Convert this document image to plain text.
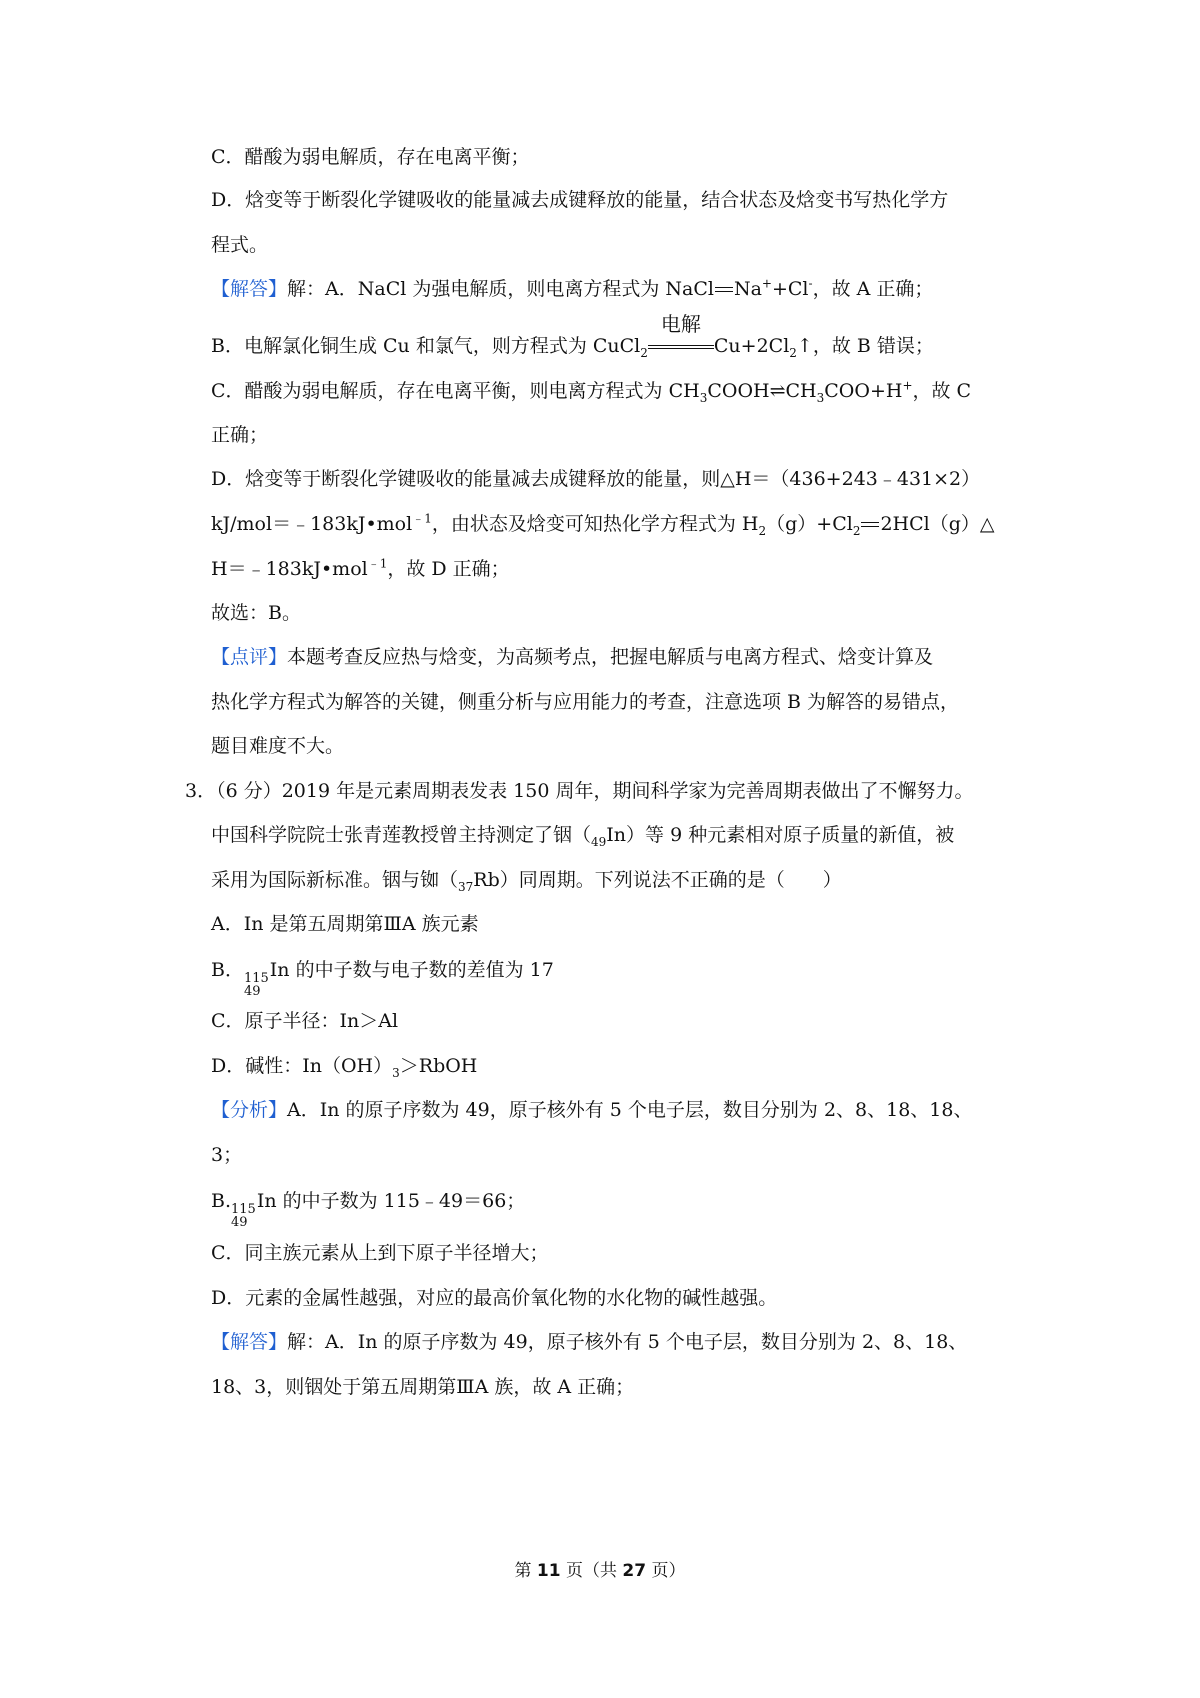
C．醋酸为弱电解质，存在电离平衡；
D．焓变等于断裂化学键吸收的能量减去成键释放的能量，结合状态及焓变书写热化学方
程式。
【解答】解：A．NaCl 为强电解质，则电离方程式为 NaCl Na++Cl-，故 A 正确；
B．电解氯化铜生成 Cu 和氯气，则方程式为 CuCl$_2$
电解
$Cu+2Cl_2↑$，故 B 错误；
C．醋酸为弱电解质，存在电离平衡，则电离方程式为 $CH_3COOH\rightleftharpoons CH_3COO+H^+$，故 C
正确；
D．焓变等于断裂化学键吸收的能量减去成键释放的能量，则△H＝（436+243﹣431×2）
kJ/mol＝﹣183kJ•mol$^{﹣1}$，由状态及焓变可知热化学方程式为 $H_2(g)+Cl_2$ 2HCl（g）△
H＝﹣183kJ•mol$^{﹣1}$，故 D 正确；
故选：B。
【点评】本题考查反应热与焓变，为高频考点，把握电解质与电离方程式、焓变计算及
热化学方程式为解答的关键，侧重分析与应用能力的考查，注意选项 B 为解答的易错点，
题目难度不大。
3．（6 分）2019 年是元素周期表发表 150 周年，期间科学家为完善周期表做出了不懈努力。
中国科学院院士张青莲教授曾主持测定了铟$(_{49}In)$等 9 种元素相对原子质量的新值，被
采用为国际新标准。铟与铷$(_{37}Rb)$同周期。下列说法不正确的是（　　）
A．In 是第五周期第ⅢA 族元素
B． 115
49
In 的中子数与电子数的差值为 17
C．原子半径：In＞Al
D．碱性：$In(OH)_3>RbOH$
【分析】A．In 的原子序数为 49，原子核外有 5 个电子层，数目分别为 2、8、18、18、
3；
B. 115
49
In 的中子数为 115﹣49＝66；
C．同主族元素从上到下原子半径增大；
D．元素的金属性越强，对应的最高价氧化物的水化物的碱性越强。
【解答】解：A．In 的原子序数为 49，原子核外有 5 个电子层，数目分别为 2、8、18、
18、3，则铟处于第五周期第ⅢA 族，故 A 正确；
第 11 页（共 27 页）
